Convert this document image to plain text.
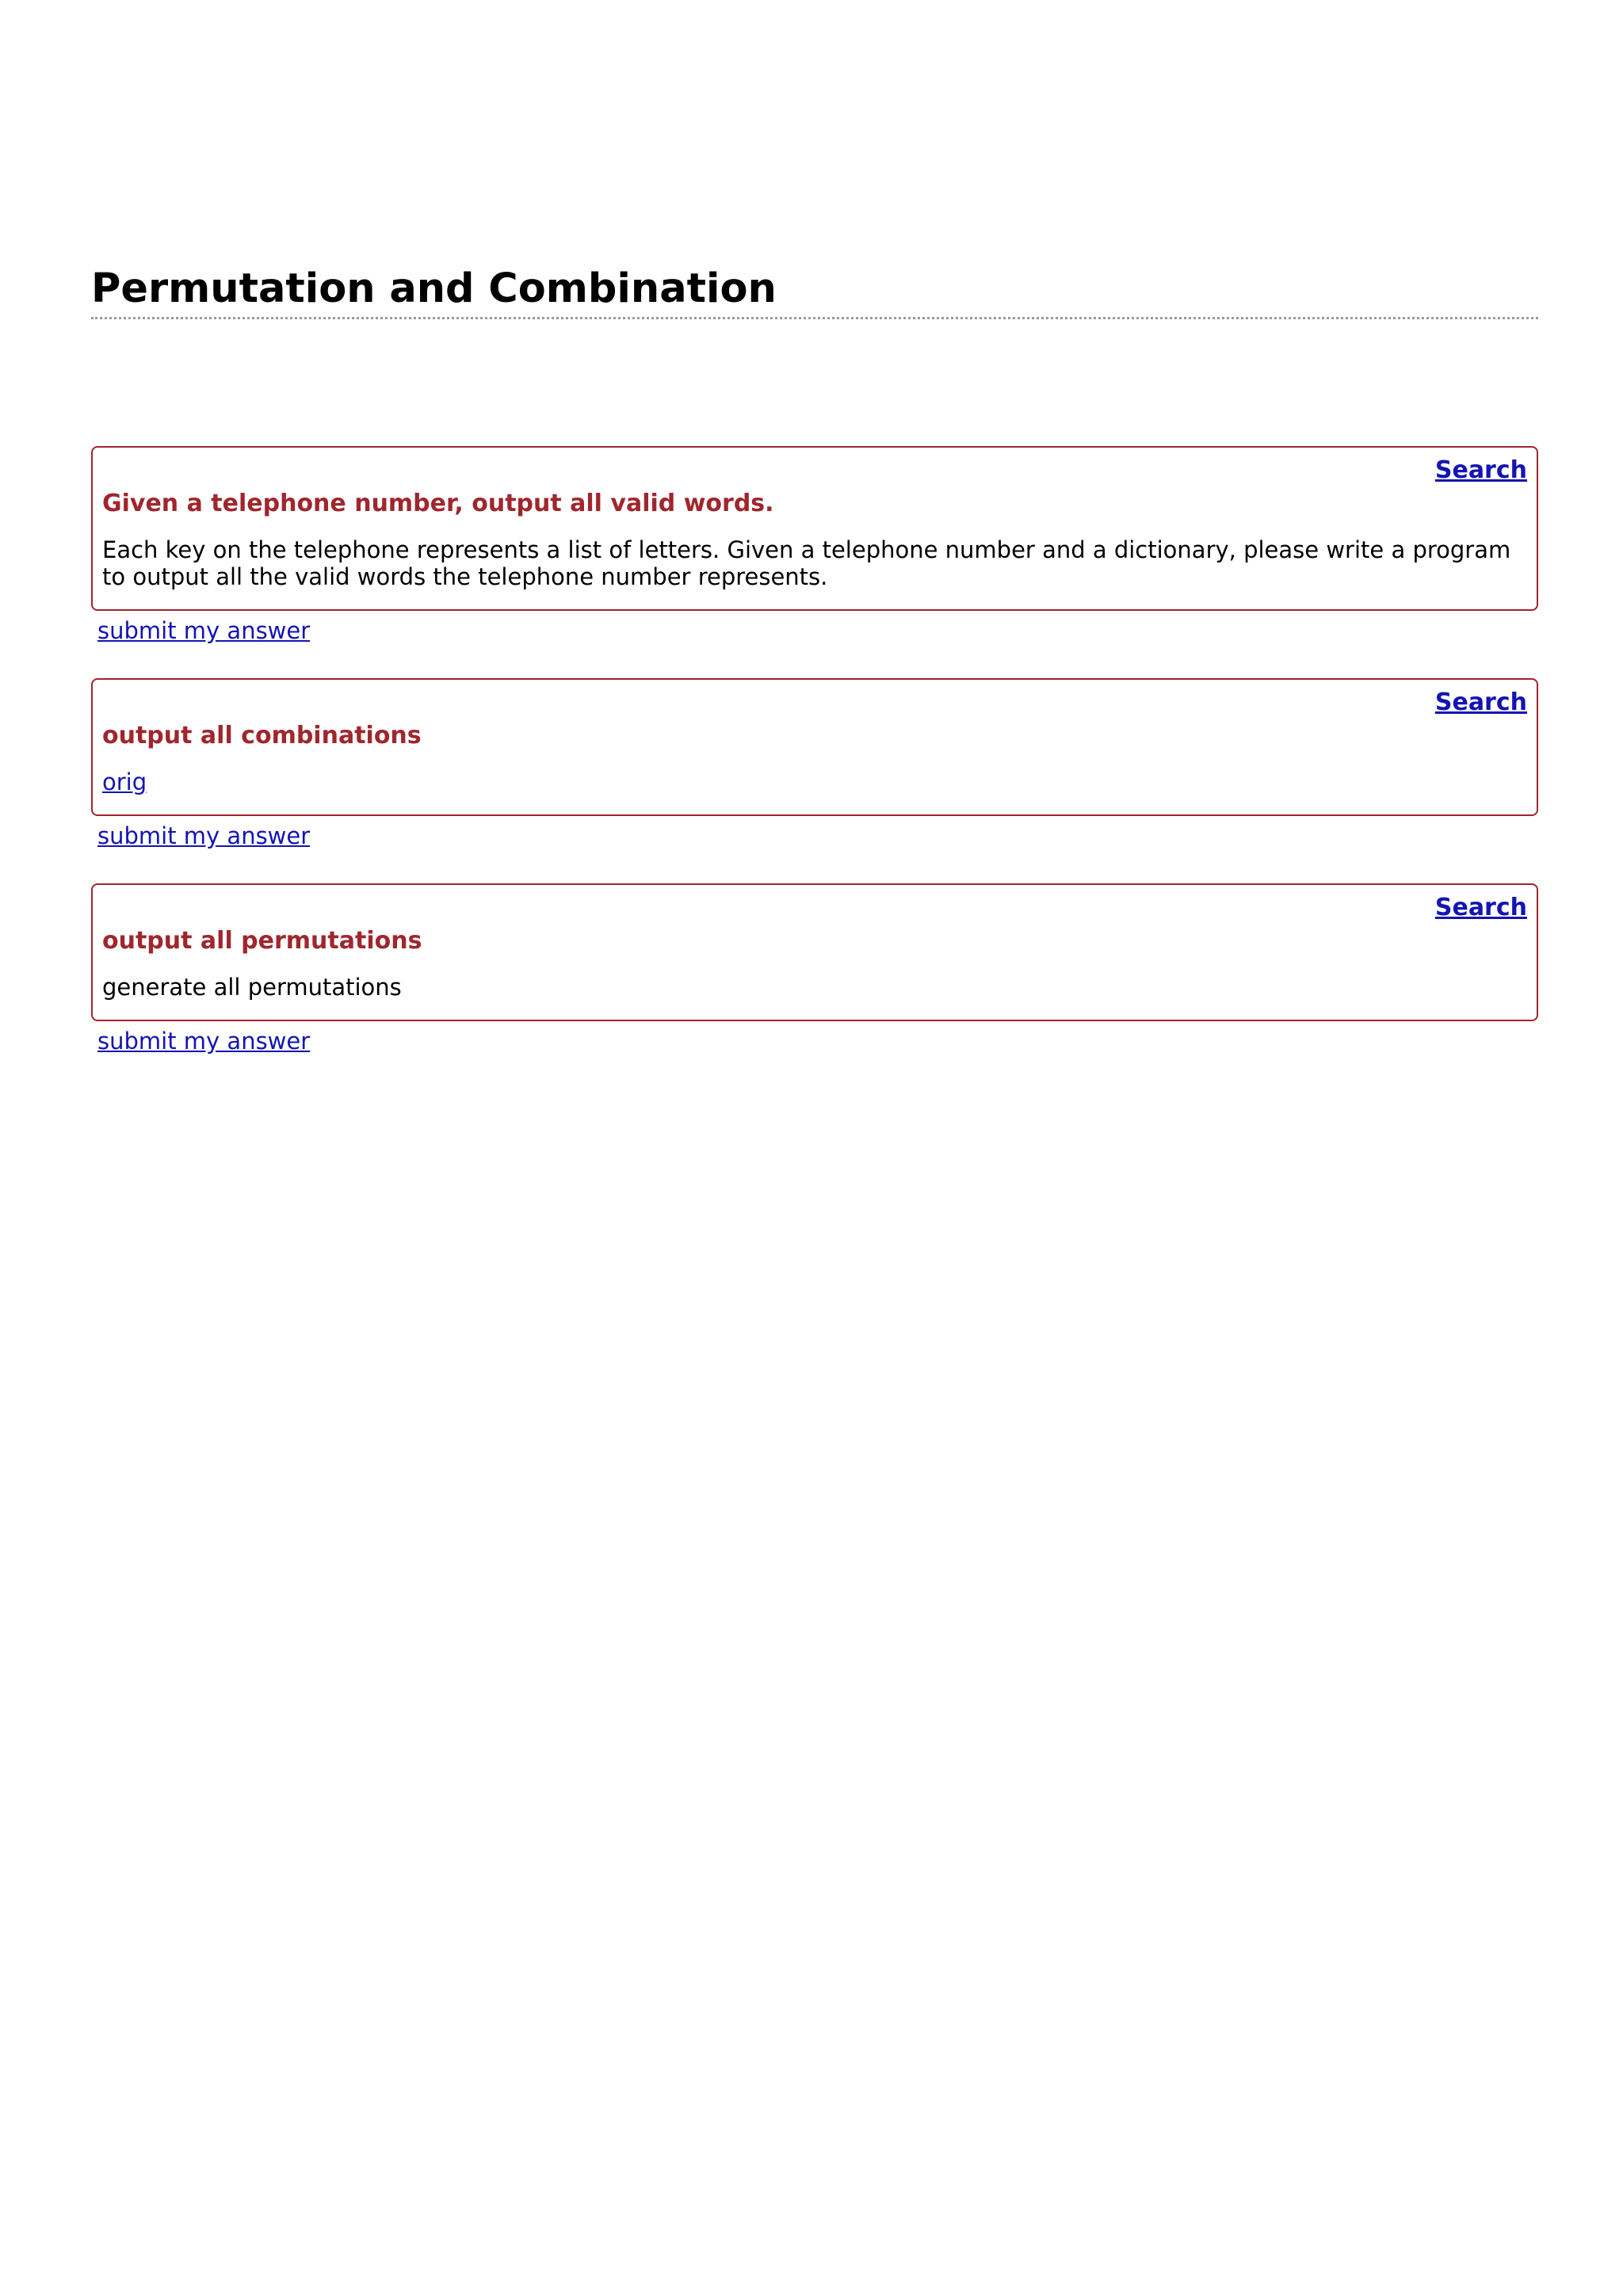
Permutation and Combination
Search
Given a telephone number, output all valid words.

Each key on the telephone represents a list of letters. Given a telephone number and a dictionary, please write a program to output all the valid words the telephone number represents.

submit my answer
Search
output all combinations
orig
submit my answer
Search
output all permutations

generate all permutations

submit my answer
